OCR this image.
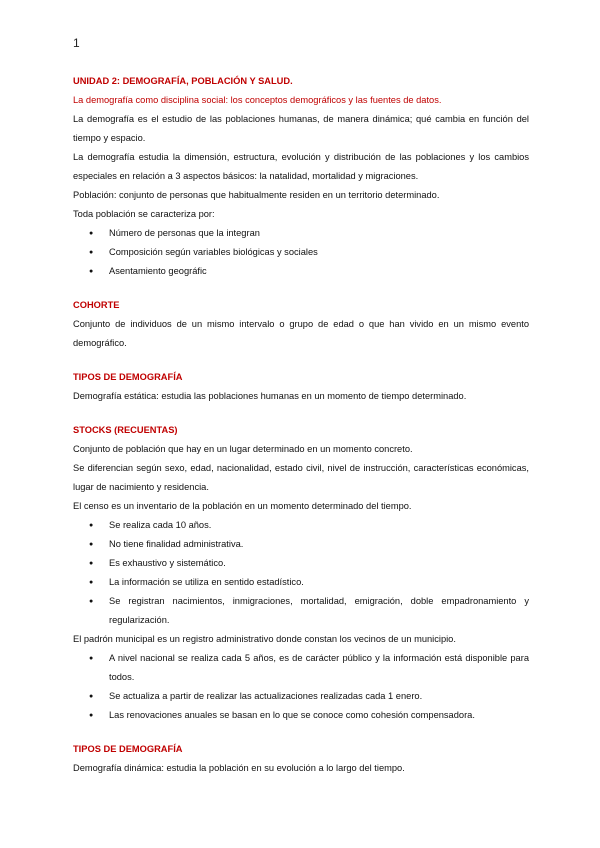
1

UNIDAD 2: DEMOGRAFÍA, POBLACIÓN Y SALUD.

La demografía como disciplina social: los conceptos demográficos y las fuentes de datos.

La demografía es el estudio de las poblaciones humanas, de manera dinámica; qué cambia en función del tiempo y espacio.

La demografía estudia la dimensión, estructura, evolución y distribución de las poblaciones y los cambios especiales en relación a 3 aspectos básicos: la natalidad, mortalidad y migraciones.

Población: conjunto de personas que habitualmente residen en un territorio determinado.

Toda población se caracteriza por:

● Número de personas que la integran
● Composición según variables biológicas y sociales
● Asentamiento geográfic

COHORTE

Conjunto de individuos de un mismo intervalo o grupo de edad o que han vivido en un mismo evento demográfico.

TIPOS DE DEMOGRAFÍA

Demografía estática: estudia las poblaciones humanas en un momento de tiempo determinado.

STOCKS (RECUENTAS)

Conjunto de población que hay en un lugar determinado en un momento concreto.

Se diferencian según sexo, edad, nacionalidad, estado civil, nivel de instrucción, características económicas, lugar de nacimiento y residencia.

El censo es un inventario de la población en un momento determinado del tiempo.

● Se realiza cada 10 años.
● No tiene finalidad administrativa.
● Es exhaustivo y sistemático.
● La información se utiliza en sentido estadístico.
● Se registran nacimientos, inmigraciones, mortalidad, emigración, doble empadronamiento y regularización.

El padrón municipal es un registro administrativo donde constan los vecinos de un municipio.

● A nivel nacional se realiza cada 5 años, es de carácter público y la información está disponible para todos.
● Se actualiza a partir de realizar las actualizaciones realizadas cada 1 enero.
● Las renovaciones anuales se basan en lo que se conoce como cohesión compensadora.

TIPOS DE DEMOGRAFÍA

Demografía dinámica: estudia la población en su evolución a lo largo del tiempo.
